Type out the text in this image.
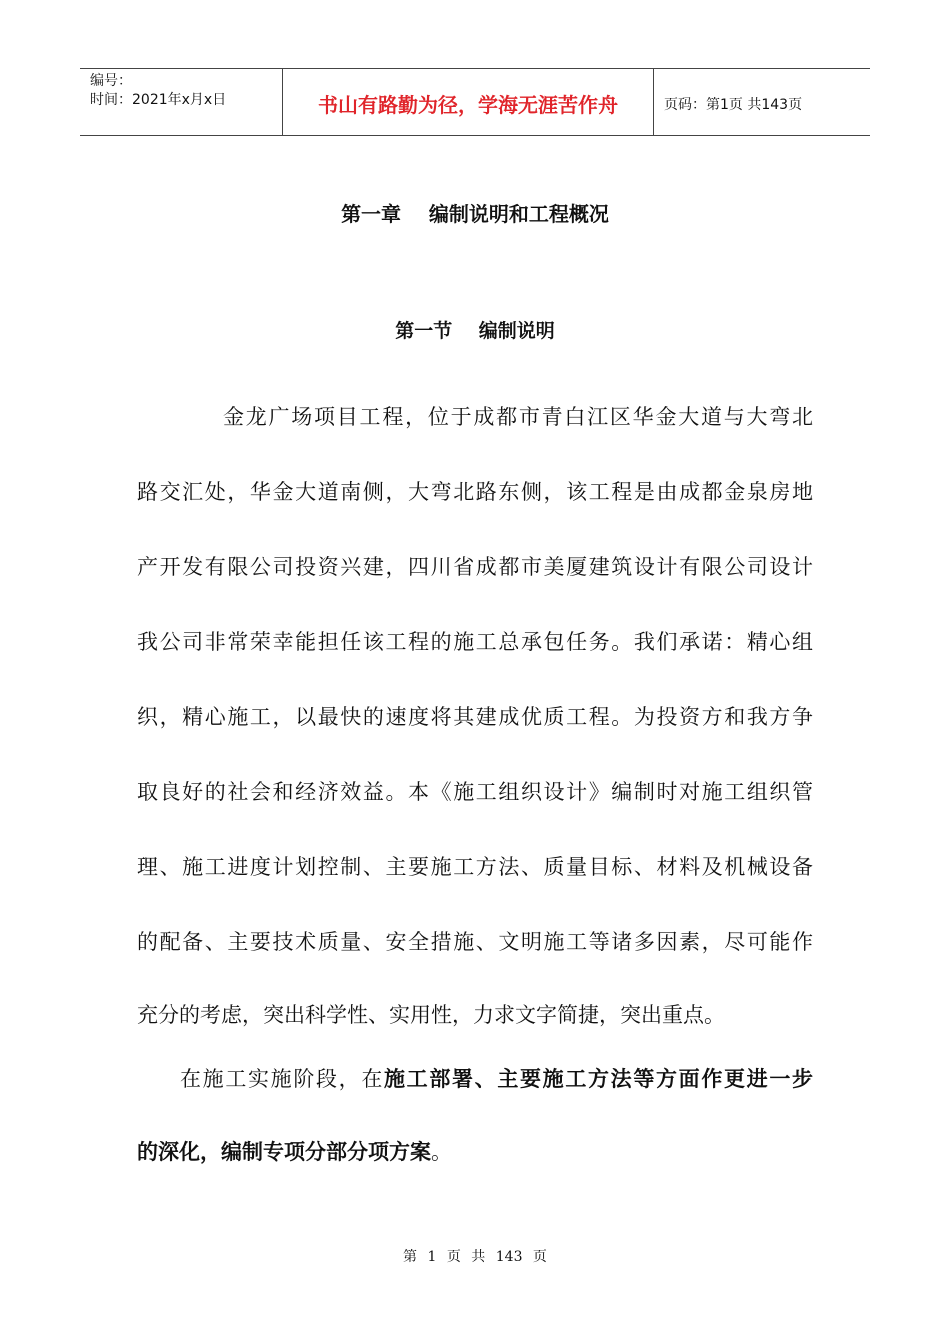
编号：
时间：2021年x月x日	书山有路勤为径，学海无涯苦作舟	页码：第1页 共143页
第一章    编制说明和工程概况
第一节    编制说明
金龙广场项目工程，位于成都市青白江区华金大道与大弯北
路交汇处，华金大道南侧，大弯北路东侧，该工程是由成都金泉房地
产开发有限公司投资兴建，四川省成都市美厦建筑设计有限公司设计
我公司非常荣幸能担任该工程的施工总承包任务。我们承诺：精心组
织，精心施工，以最快的速度将其建成优质工程。为投资方和我方争
取良好的社会和经济效益。本《施工组织设计》编制时对施工组织管
理、施工进度计划控制、主要施工方法、质量目标、材料及机械设备
的配备、主要技术质量、安全措施、文明施工等诸多因素，尽可能作
充分的考虑，突出科学性、实用性，力求文字简捷，突出重点。
在施工实施阶段，在施工部署、主要施工方法等方面作更进一步
的深化，编制专项分部分项方案。
第 1 页 共 143 页
